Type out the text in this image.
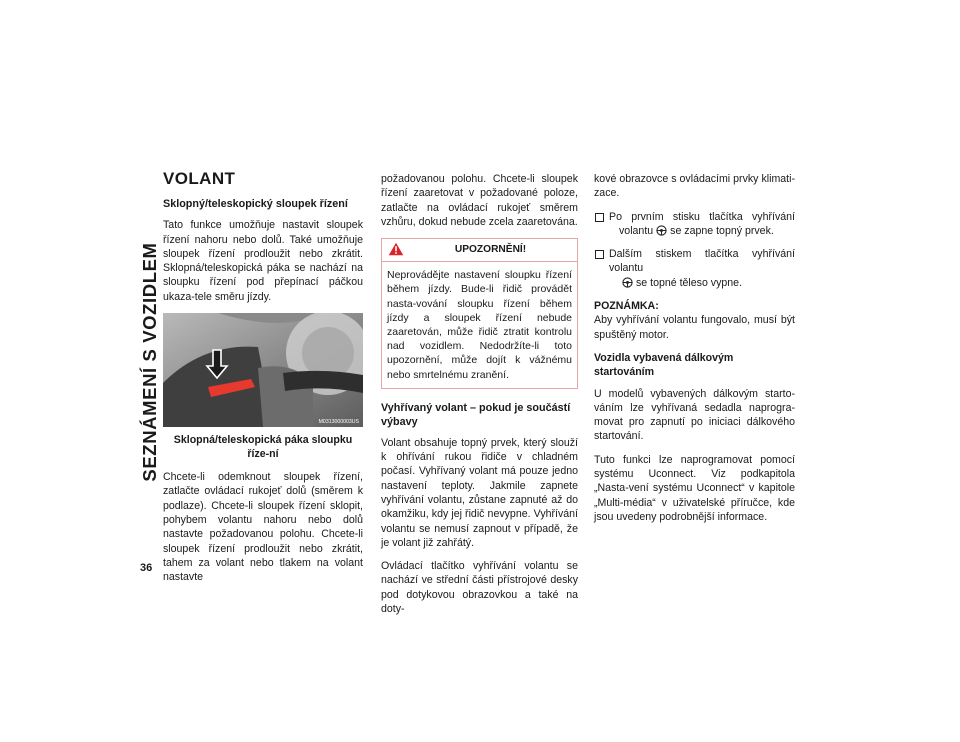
SEZNÁMENÍ S VOZIDLEM
36
VOLANT
Sklopný/teleskopický sloupek řízení

Tato funkce umožňuje nastavit sloupek řízení nahoru nebo dolů. Také umožňuje sloupek řízení prodloužit nebo zkrátit. Sklopná/teleskopická páka se nachází na sloupku řízení pod přepínací páčkou ukaza-tele směru jízdy.

M0313000003US
Sklopná/teleskopická páka sloupku říze-ní

Chcete-li odemknout sloupek řízení, zatlačte ovládací rukojeť dolů (směrem k podlaze). Chcete-li sloupek řízení sklopit, pohybem volantu nahoru nebo dolů nastavte požadovanou polohu. Chcete-li sloupek řízení prodloužit nebo zkrátit, tahem za volant nebo tlakem na volant nastavte

požadovanou polohu. Chcete-li sloupek řízení zaaretovat v požadované poloze, zatlačte na ovládací rukojeť směrem vzhůru, dokud nebude zcela zaaretována.

UPOZORNĚNÍ!
Neprovádějte nastavení sloupku řízení během jízdy. Bude-li řidič provádět nasta-vování sloupku řízení během jízdy a sloupek řízení nebude zaaretován, může řidič ztratit kontrolu nad vozidlem. Nedodržíte-li toto upozornění, může dojít k vážnému nebo smrtelnému zranění.
Vyhřívaný volant – pokud je součástí výbavy

Volant obsahuje topný prvek, který slouží k ohřívání rukou řidiče v chladném počasí. Vyhřívaný volant má pouze jedno nastavení teploty. Jakmile zapnete vyhřívání volantu, zůstane zapnuté až do okamžiku, kdy jej řidič nevypne. Vyhřívání volantu se nemusí zapnout v případě, že je volant již zahřátý.

Ovládací tlačítko vyhřívání volantu se nachází ve střední části přístrojové desky pod dotykovou obrazovkou a také na doty-

kové obrazovce s ovládacími prvky klimati-zace.

Po prvním stisku tlačítka vyhřívání
volantu se zapne topný prvek.
Dalším stiskem tlačítka vyhřívání volantu
se topné těleso vypne.
POZNÁMKA:

Aby vyhřívání volantu fungovalo, musí být spuštěný motor.

Vozidla vybavená dálkovým startováním

U modelů vybavených dálkovým starto-váním lze vyhřívaná sedadla naprogra-movat pro zapnutí po iniciaci dálkového startování.

Tuto funkci lze naprogramovat pomocí systému Uconnect. Viz podkapitola „Nasta-vení systému Uconnect“ v kapitole „Multi-média“ v uživatelské příručce, kde jsou uvedeny podrobnější informace.
